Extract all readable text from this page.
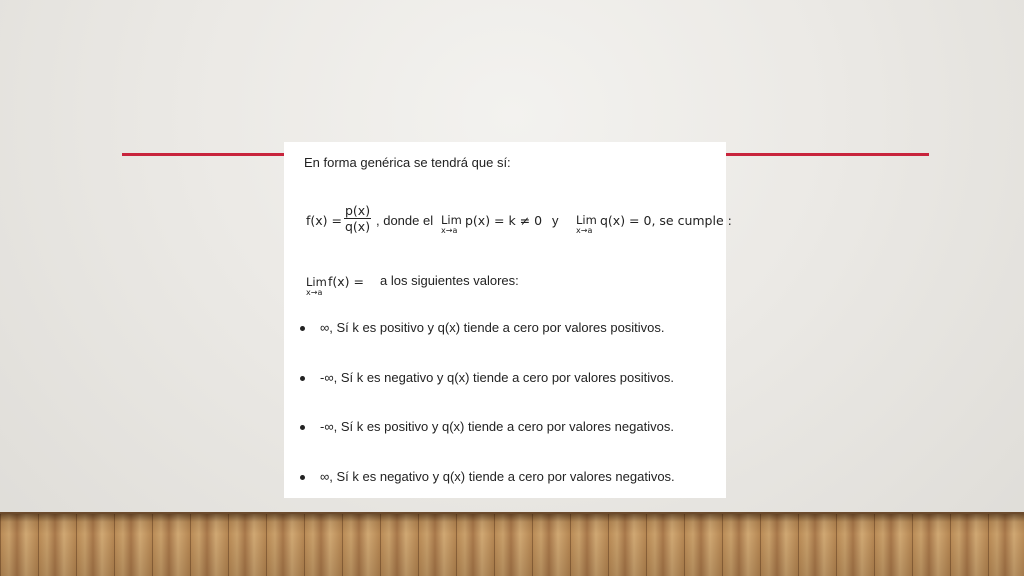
En forma genérica se tendrá que sí:
$f(x) = \frac{p(x)}{q(x)}$ , donde el Lim
x→a
p(x) = k ≠ 0 y Lim
x→a
q(x) = 0, se cumple :
Lim
x→a
f(x) = a los siguientes valores:
∞, Sí k es positivo y q(x) tiende a cero por valores positivos.
-∞, Sí k es negativo y q(x) tiende a cero por valores positivos.
-∞, Sí k es positivo y q(x) tiende a cero por valores negativos.
∞, Sí k es negativo y q(x) tiende a cero por valores negativos.
